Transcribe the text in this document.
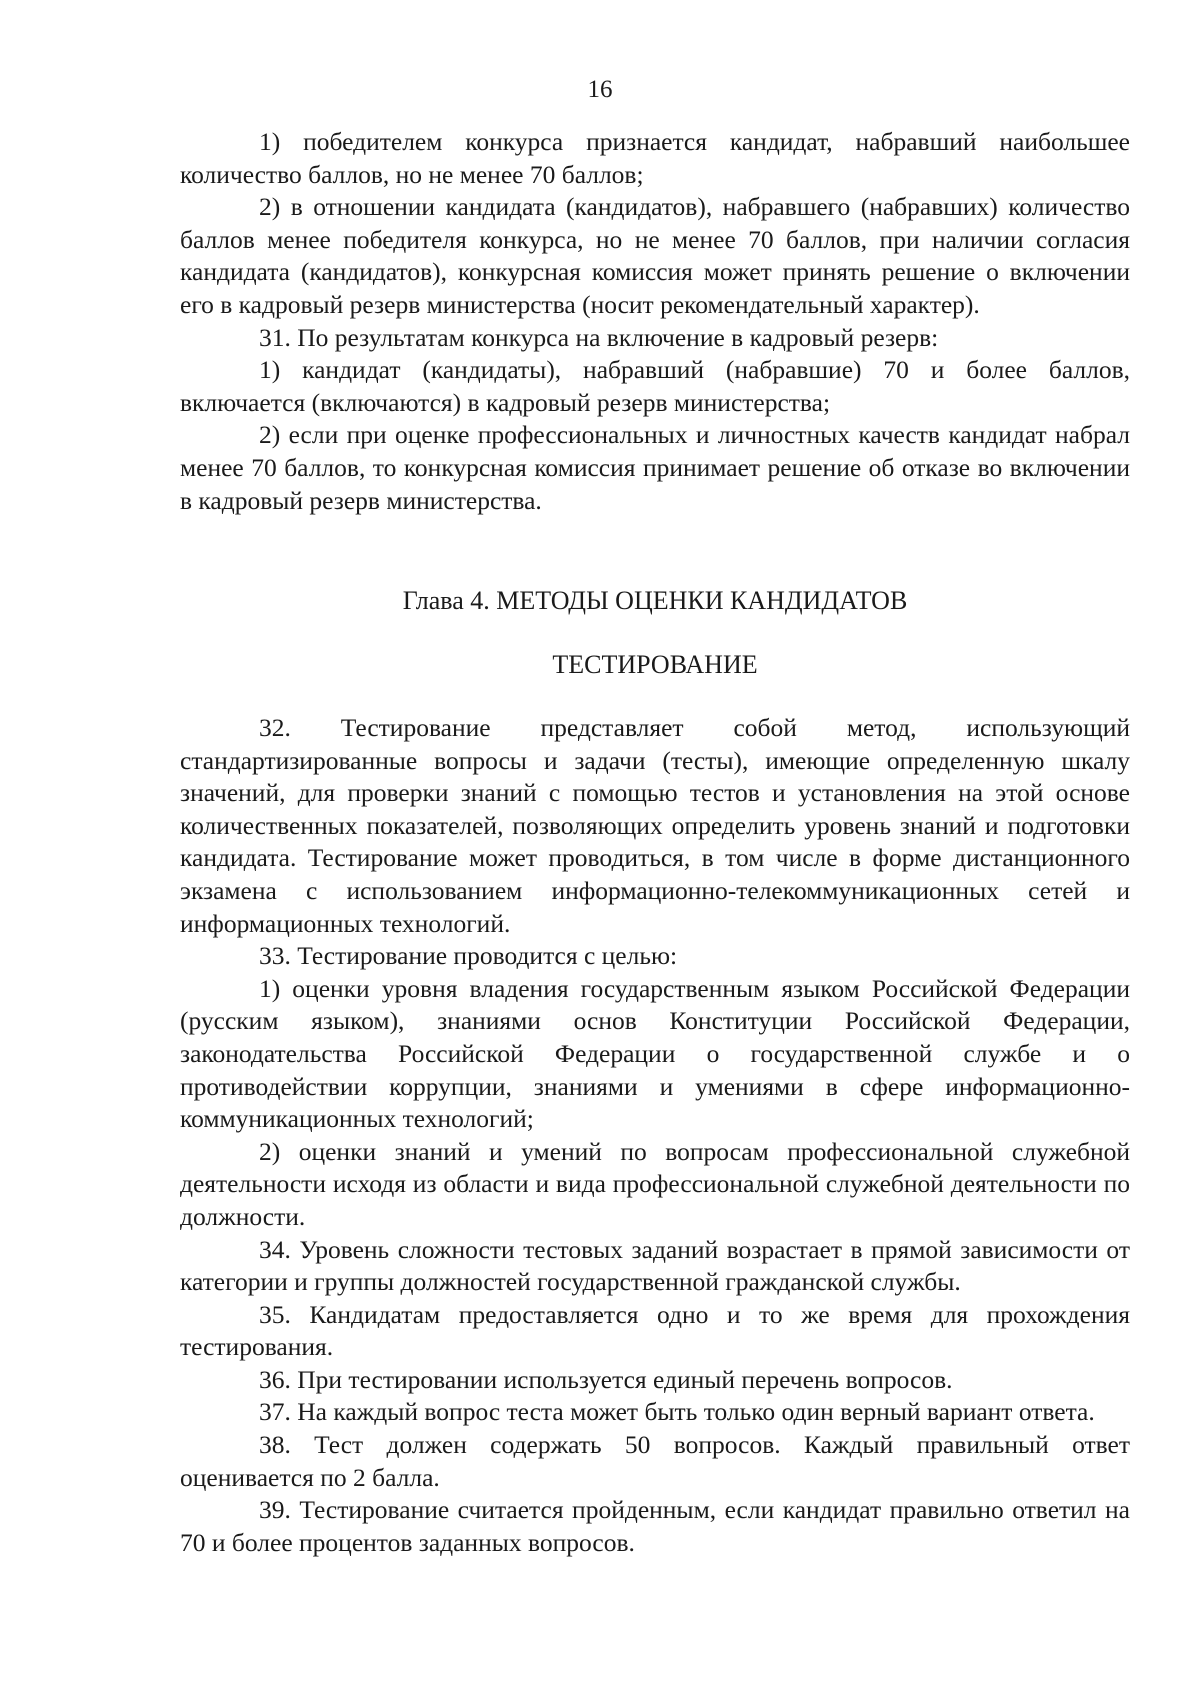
16

1) победителем конкурса признается кандидат, набравший наибольшее количество баллов, но не менее 70 баллов;

2) в отношении кандидата (кандидатов), набравшего (набравших) количество баллов менее победителя конкурса, но не менее 70 баллов, при наличии согласия кандидата (кандидатов), конкурсная комиссия может принять решение о включении его в кадровый резерв министерства (носит рекомендательный характер).

31. По результатам конкурса на включение в кадровый резерв:

1) кандидат (кандидаты), набравший (набравшие) 70 и более баллов, включается (включаются) в кадровый резерв министерства;

2) если при оценке профессиональных и личностных качеств кандидат набрал менее 70 баллов, то конкурсная комиссия принимает решение об отказе во включении в кадровый резерв министерства.

Глава 4. МЕТОДЫ ОЦЕНКИ КАНДИДАТОВ
ТЕСТИРОВАНИЕ

32. Тестирование представляет собой метод, использующий стандартизированные вопросы и задачи (тесты), имеющие определенную шкалу значений, для проверки знаний с помощью тестов и установления на этой основе количественных показателей, позволяющих определить уровень знаний и подготовки кандидата. Тестирование может проводиться, в том числе в форме дистанционного экзамена с использованием информационно-телекоммуникационных сетей и информационных технологий.

33. Тестирование проводится с целью:

1) оценки уровня владения государственным языком Российской Федерации (русским языком), знаниями основ Конституции Российской Федерации, законодательства Российской Федерации о государственной службе и о противодействии коррупции, знаниями и умениями в сфере информационно-коммуникационных технологий;

2) оценки знаний и умений по вопросам профессиональной служебной деятельности исходя из области и вида профессиональной служебной деятельности по должности.

34. Уровень сложности тестовых заданий возрастает в прямой зависимости от категории и группы должностей государственной гражданской службы.

35. Кандидатам предоставляется одно и то же время для прохождения тестирования.

36. При тестировании используется единый перечень вопросов.

37. На каждый вопрос теста может быть только один верный вариант ответа.

38. Тест должен содержать 50 вопросов. Каждый правильный ответ оценивается по 2 балла.

39. Тестирование считается пройденным, если кандидат правильно ответил на 70 и более процентов заданных вопросов.
